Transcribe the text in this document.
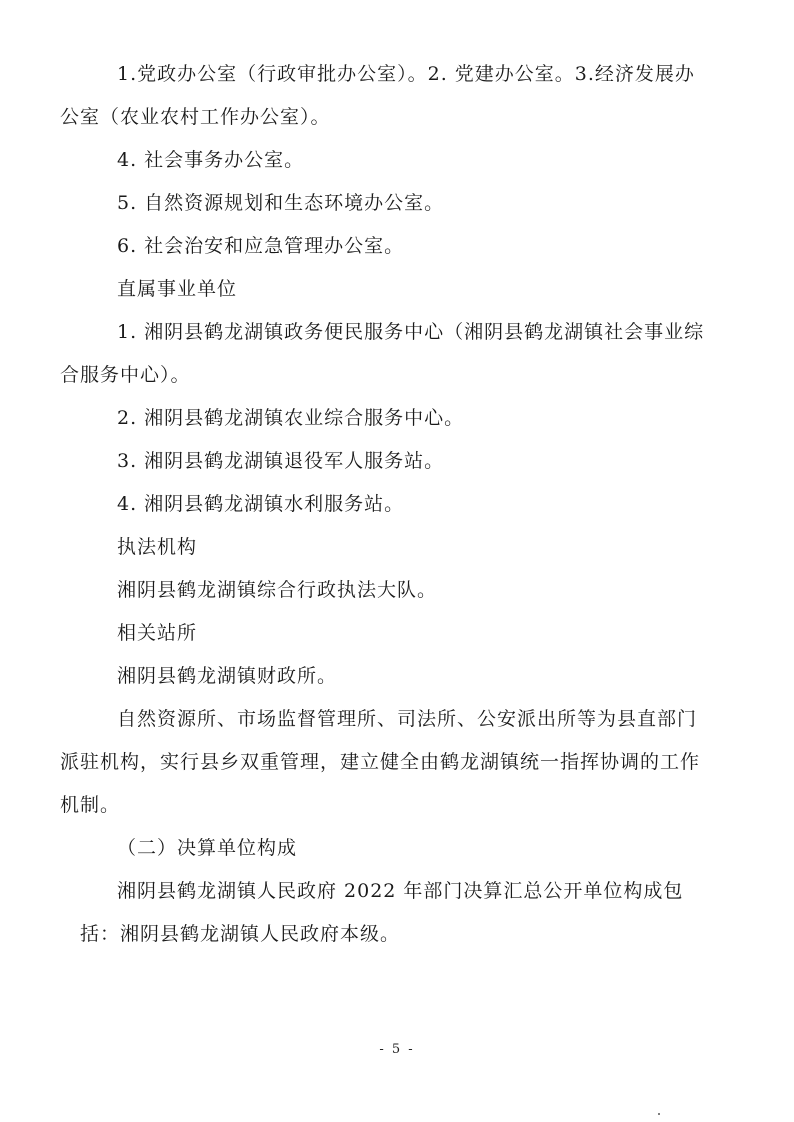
1.党政办公室（行政审批办公室）。2. 党建办公室。3.经济发展办
公室（农业农村工作办公室）。
4. 社会事务办公室。
5. 自然资源规划和生态环境办公室。
6. 社会治安和应急管理办公室。
直属事业单位
1. 湘阴县鹤龙湖镇政务便民服务中心（湘阴县鹤龙湖镇社会事业综
合服务中心）。
2. 湘阴县鹤龙湖镇农业综合服务中心。
3. 湘阴县鹤龙湖镇退役军人服务站。
4. 湘阴县鹤龙湖镇水利服务站。
执法机构
湘阴县鹤龙湖镇综合行政执法大队。
相关站所
湘阴县鹤龙湖镇财政所。
自然资源所、市场监督管理所、司法所、公安派出所等为县直部门
派驻机构，实行县乡双重管理，建立健全由鹤龙湖镇统一指挥协调的工作
机制。
（二）决算单位构成
湘阴县鹤龙湖镇人民政府 2022 年部门决算汇总公开单位构成包
括：湘阴县鹤龙湖镇人民政府本级。
- 5 -
